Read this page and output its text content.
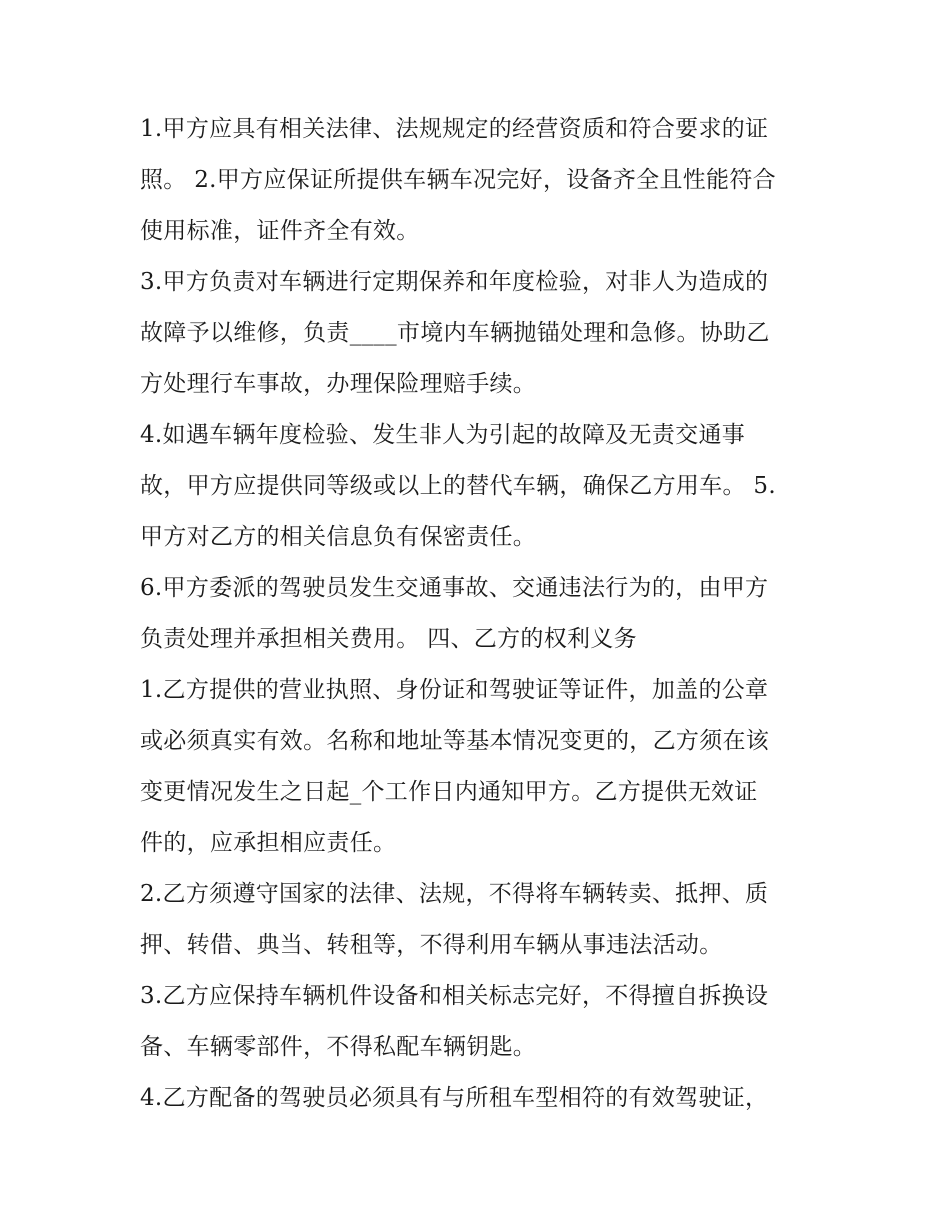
1.甲方应具有相关法律、法规规定的经营资质和符合要求的证
照。 2.甲方应保证所提供车辆车况完好，设备齐全且性能符合
使用标准，证件齐全有效。
3.甲方负责对车辆进行定期保养和年度检验，对非人为造成的
故障予以维修，负责____市境内车辆抛锚处理和急修。协助乙
方处理行车事故，办理保险理赔手续。
4.如遇车辆年度检验、发生非人为引起的故障及无责交通事
故，甲方应提供同等级或以上的替代车辆，确保乙方用车。 5.
甲方对乙方的相关信息负有保密责任。
6.甲方委派的驾驶员发生交通事故、交通违法行为的，由甲方
负责处理并承担相关费用。 四、乙方的权利义务
1.乙方提供的营业执照、身份证和驾驶证等证件，加盖的公章
或必须真实有效。名称和地址等基本情况变更的，乙方须在该
变更情况发生之日起_个工作日内通知甲方。乙方提供无效证
件的，应承担相应责任。
2.乙方须遵守国家的法律、法规，不得将车辆转卖、抵押、质
押、转借、典当、转租等，不得利用车辆从事违法活动。
3.乙方应保持车辆机件设备和相关标志完好，不得擅自拆换设
备、车辆零部件，不得私配车辆钥匙。
4.乙方配备的驾驶员必须具有与所租车型相符的有效驾驶证，
